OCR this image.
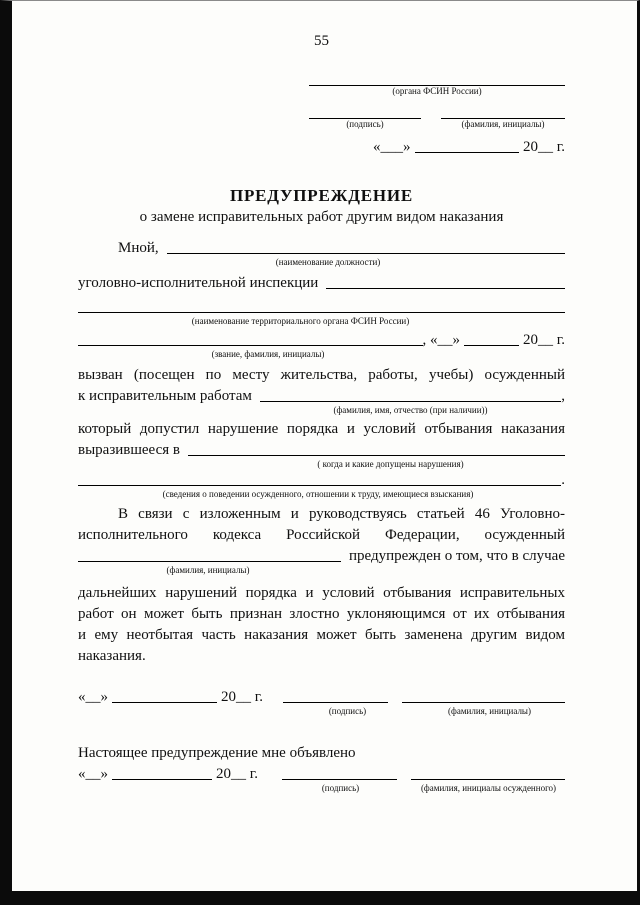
55
(органа ФСИН России)
(подпись)	(фамилия, инициалы)
«___»	20__ г.
ПРЕДУПРЕЖДЕНИЕ
о замене исправительных работ другим видом наказания
Мной,
(наименование должности)
уголовно-исполнительной инспекции
(наименование территориального органа ФСИН России)
, «__»	20__ г.
(звание, фамилия, инициалы)
вызван (посещен по месту жительства, работы, учебы) осужденный
к исправительным работам	,
(фамилия, имя, отчество (при наличии))
который допустил нарушение порядка и условий отбывания наказания
выразившееся в
( когда и какие допущены нарушения)
.
(сведения о поведении осужденного, отношении к труду, имеющиеся взыскания)
В связи с изложенным и руководствуясь статьей 46 Уголовно-
исполнительного кодекса Российской Федерации, осужденный
предупрежден о том, что в случае
(фамилия, инициалы)
дальнейших нарушений порядка и условий отбывания исправительных
работ он может быть признан злостно уклоняющимся от их отбывания
и ему неотбытая часть наказания может быть заменена другим видом
наказания.
«__»	20__ г.
(подпись)	(фамилия, инициалы)
Настоящее предупреждение мне объявлено
«__»	20__ г.
(подпись)	(фамилия, инициалы осужденного)
